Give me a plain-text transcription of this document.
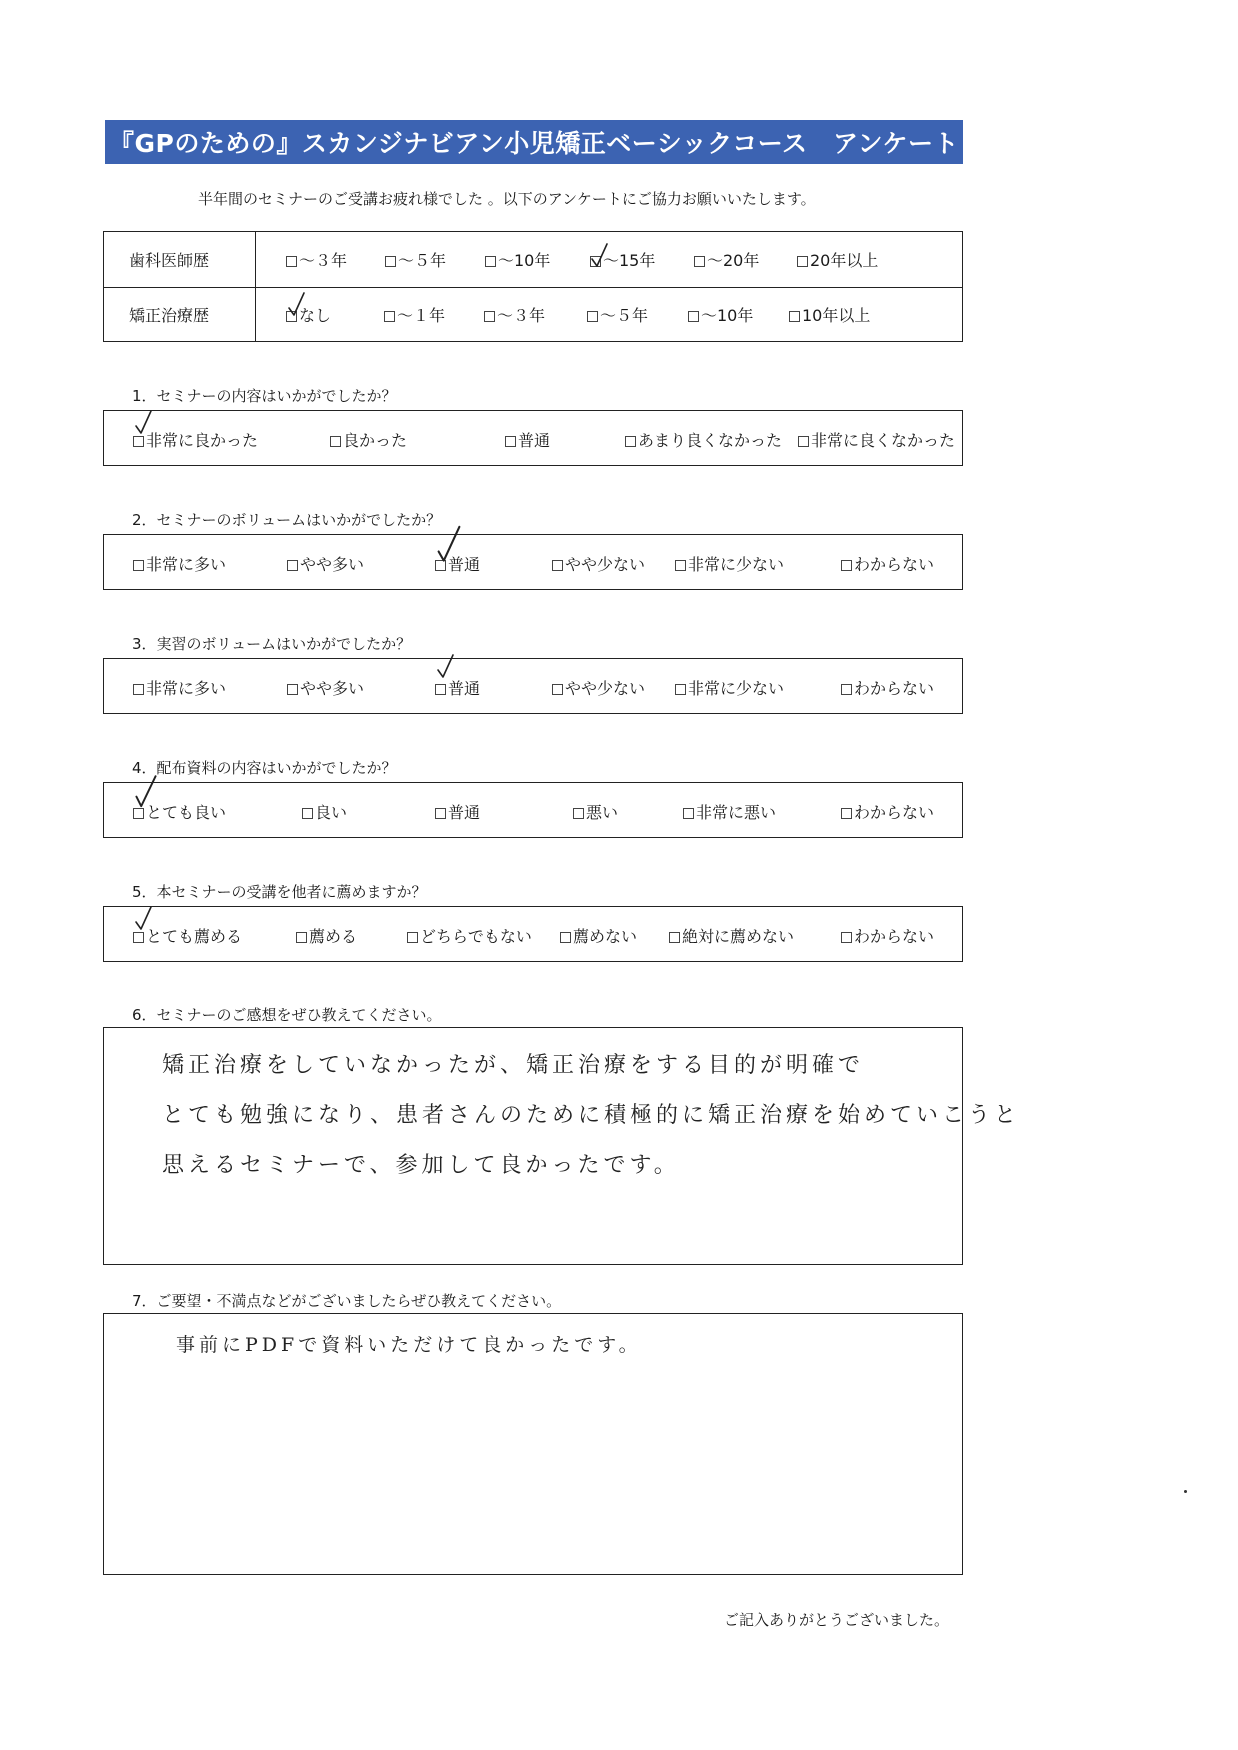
『GPのための』スカンジナビアン小児矯正ベーシックコース　アンケート
半年間のセミナーのご受講お疲れ様でした 。以下のアンケートにご協力お願いいたします。
歯科医師歴	～３年	～５年	～10年	～15年	～20年	20年以上
矯正治療歴	なし	～１年	～３年	～５年	～10年	10年以上
1．セミナーの内容はいかがでしたか？
非常に良かった	良かった	普通	あまり良くなかった	非常に良くなかった
2．セミナーのボリュームはいかがでしたか？
非常に多い	やや多い	普通	やや少ない	非常に少ない	わからない
3．実習のボリュームはいかがでしたか？
非常に多い	やや多い	普通	やや少ない	非常に少ない	わからない
4．配布資料の内容はいかがでしたか？
とても良い	良い	普通	悪い	非常に悪い	わからない
5．本セミナーの受講を他者に薦めますか？
とても薦める	薦める	どちらでもない	薦めない	絶対に薦めない	わからない
6．セミナーのご感想をぜひ教えてください。
矯正治療をしていなかったが、矯正治療をする目的が明確で
とても勉強になり、患者さんのために積極的に矯正治療を始めていこうと
思えるセミナーで、参加して良かったです。
7．ご要望・不満点などがございましたらぜひ教えてください。
事前にPDFで資料いただけて良かったです。
ご記入ありがとうございました。
